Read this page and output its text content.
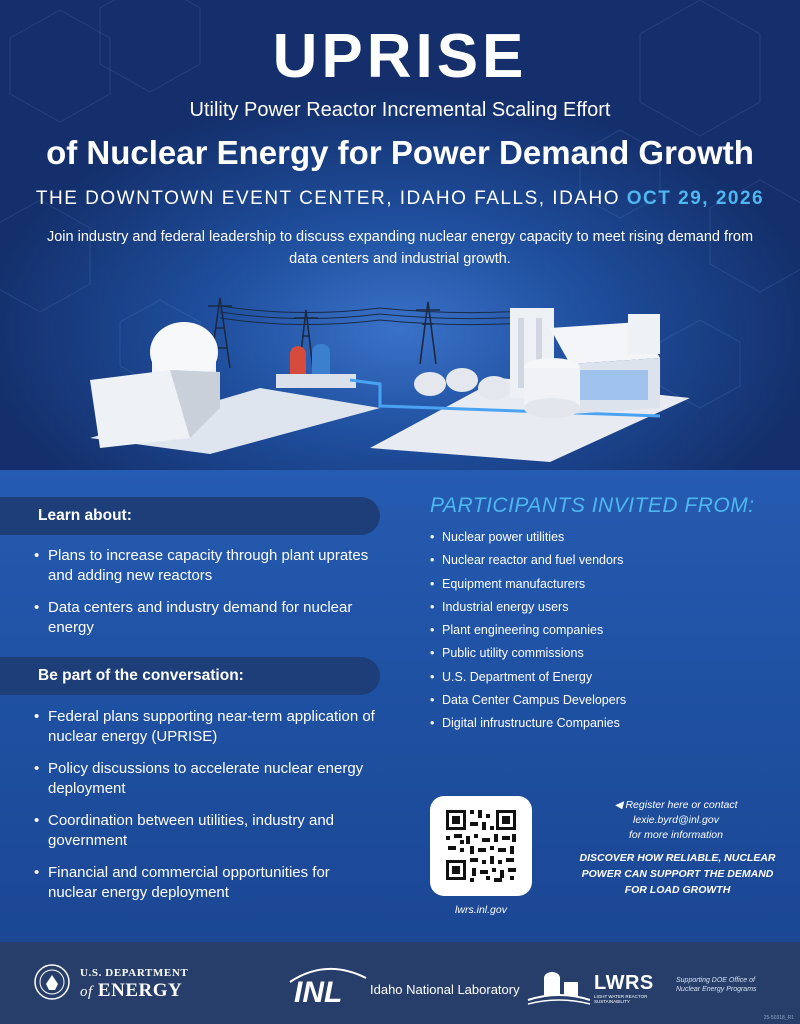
UPRISE
Utility Power Reactor Incremental Scaling Effort
of Nuclear Energy for Power Demand Growth
THE DOWNTOWN EVENT CENTER, IDAHO FALLS, IDAHO OCT 29, 2026
Join industry and federal leadership to discuss expanding nuclear energy capacity to meet rising demand from data centers and industrial growth.
Learn about:
• Plans to increase capacity through plant uprates and adding new reactors
• Data centers and industry demand for nuclear energy
Be part of the conversation:
• Federal plans supporting near-term application of nuclear energy (UPRISE)
• Policy discussions to accelerate nuclear energy deployment
• Coordination between utilities, industry and government
• Financial and commercial opportunities for nuclear energy deployment
PARTICIPANTS INVITED FROM:
• Nuclear power utilities
• Nuclear reactor and fuel vendors
• Equipment manufacturers
• Industrial energy users
• Plant engineering companies
• Public utility commissions
• U.S. Department of Energy
• Data Center Campus Developers
• Digital infrustructure Companies
lwrs.inl.gov
◀ Register here or contact
lexie.byrd@inl.gov
for more information
DISCOVER HOW RELIABLE, NUCLEAR POWER CAN SUPPORT THE DEMAND FOR LOAD GROWTH
U.S. DEPARTMENT
of ENERGY	INL Idaho National Laboratory	LWRS
LIGHT WATER REACTOR SUSTAINABILITY
Supporting DOE Office of Nuclear Energy Programs
25-50318_R1
